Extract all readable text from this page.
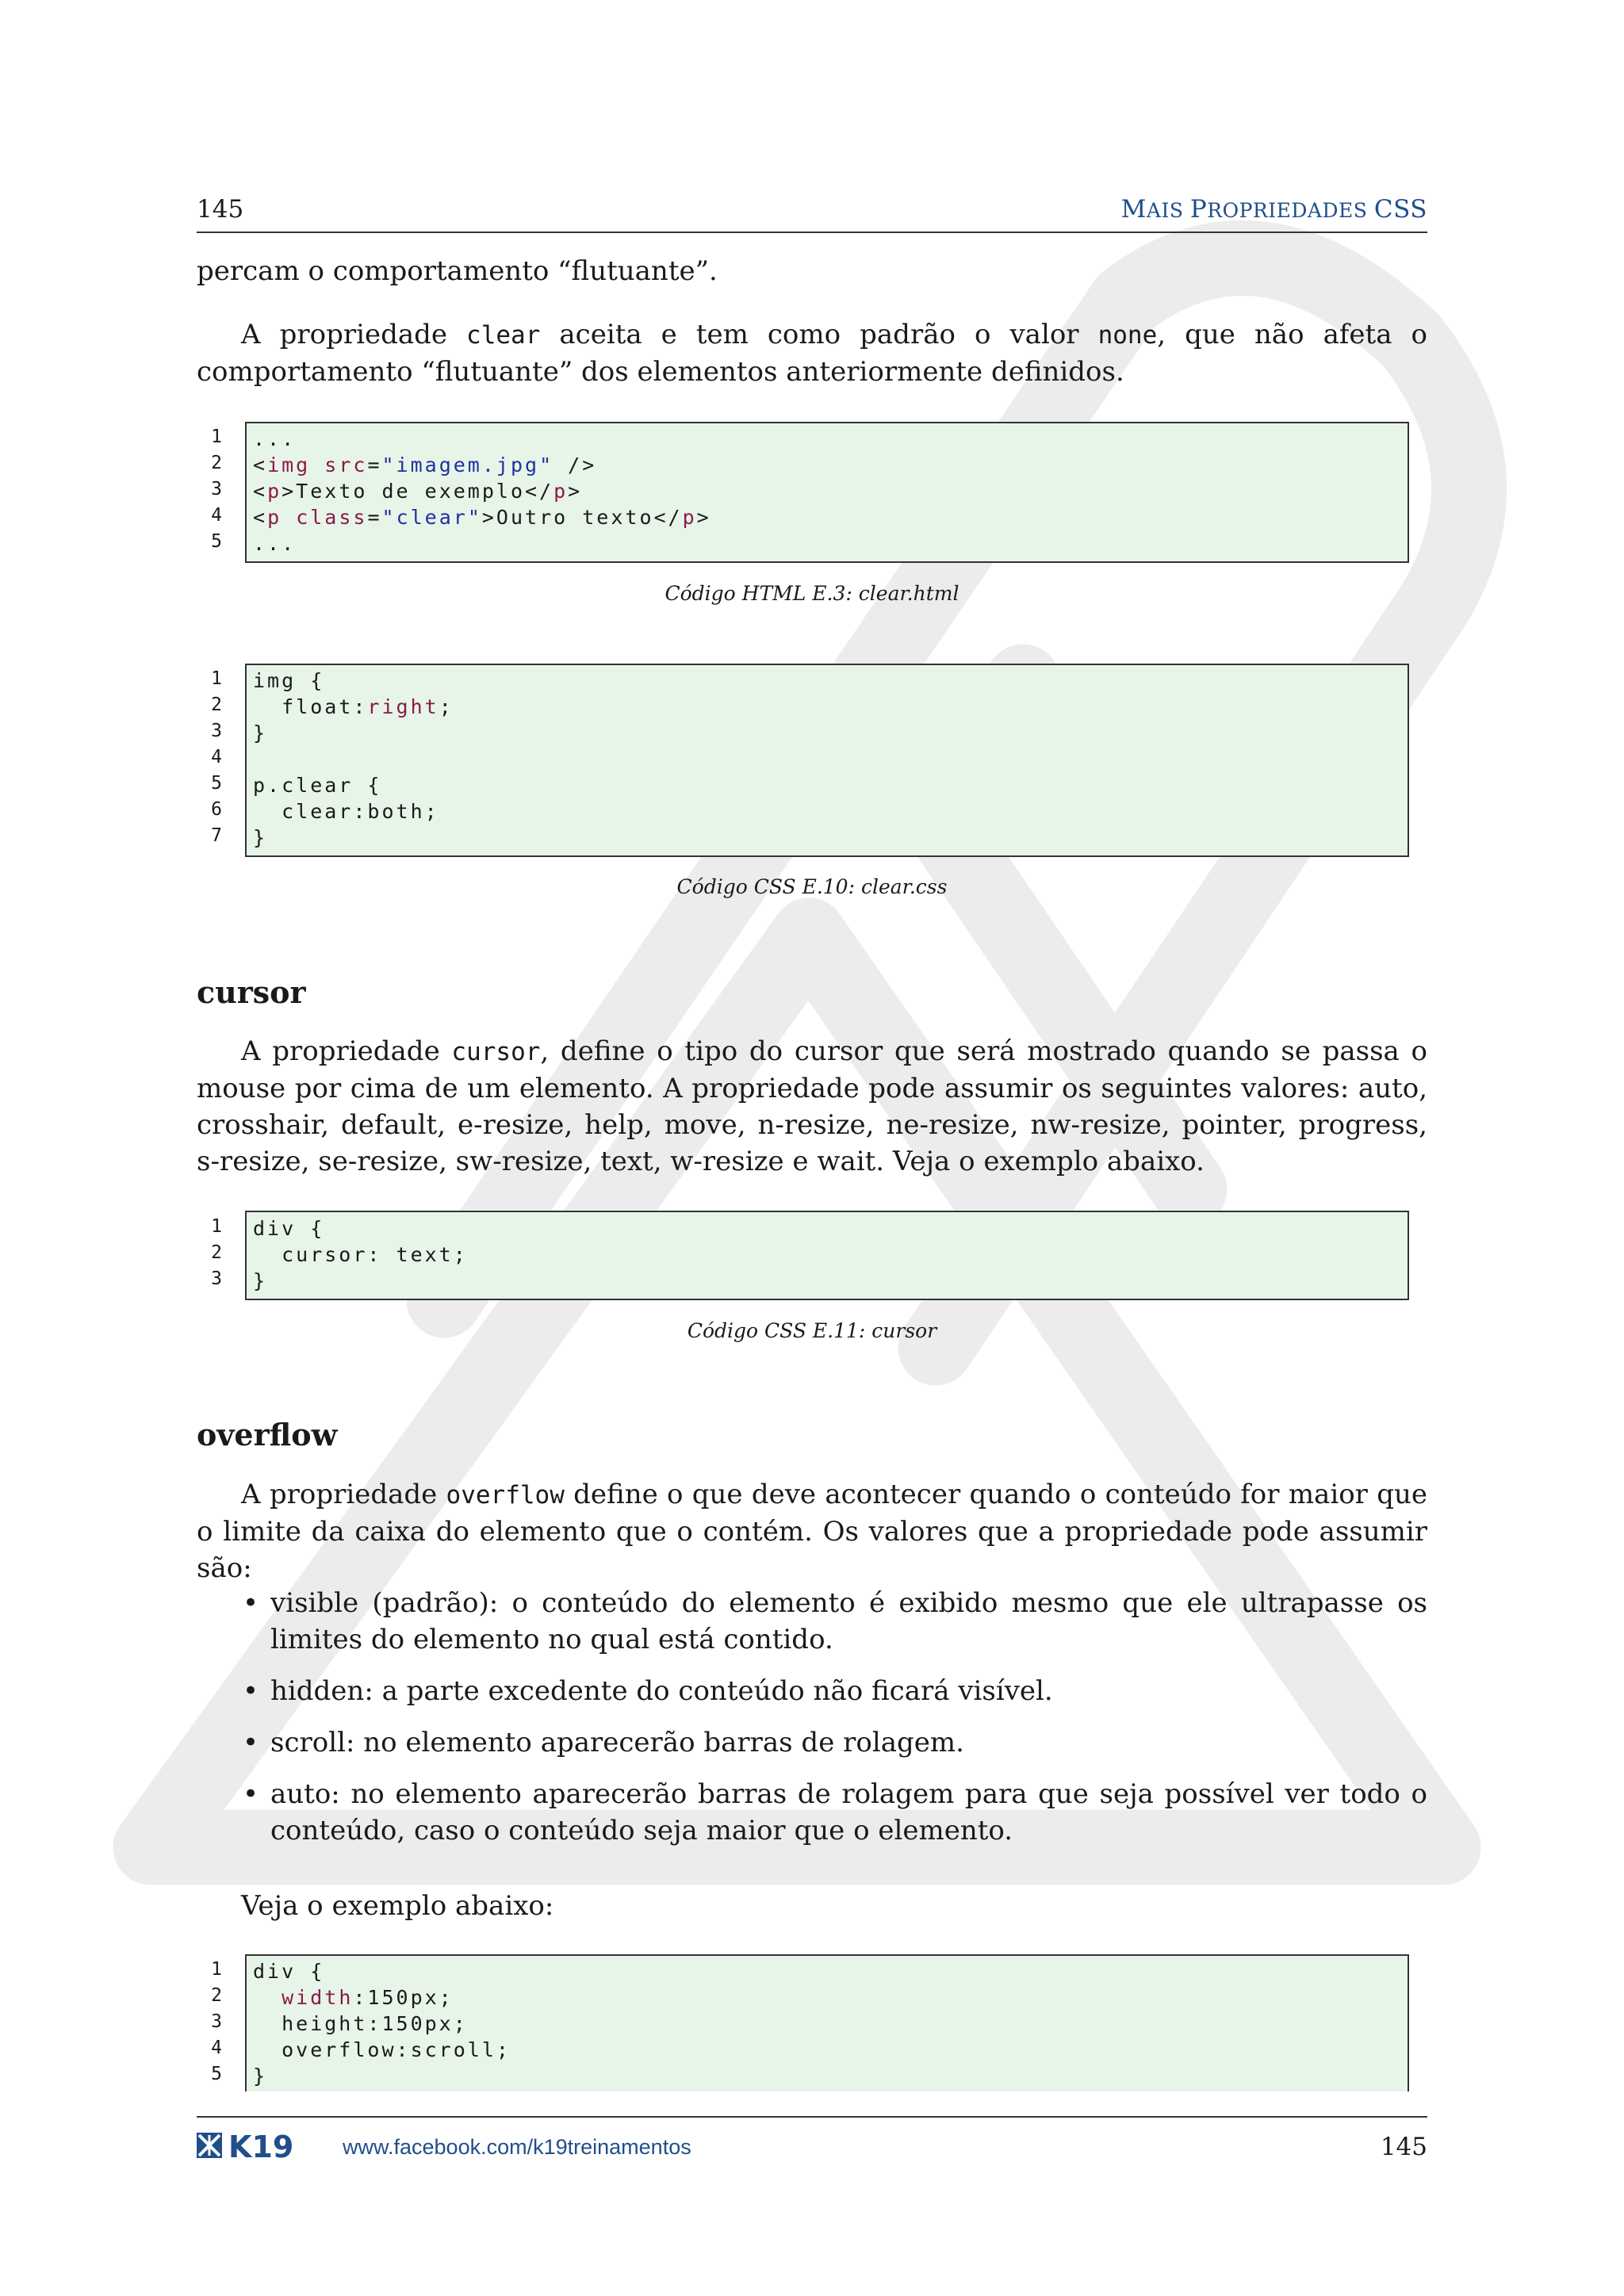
145	MAIS PROPRIEDADES CSS
percam o comportamento “flutuante”.
A propriedade clear aceita e tem como padrão o valor none, que não afeta o comportamento “flutuante” dos elementos anteriormente definidos.
1
2
3
4
5
...
<img src="imagem.jpg" />
<p>Texto de exemplo</p>
<p class="clear">Outro texto</p>
...
Código HTML E.3: clear.html
1
2
3
4
5
6
7
img {
float:right;
}

p.clear {
clear:both;
}
Código CSS E.10: clear.css
cursor
A propriedade cursor, define o tipo do cursor que será mostrado quando se passa o mouse por cima de um elemento. A propriedade pode assumir os seguintes valores: auto, crosshair, default, e-resize, help, move, n-resize, ne-resize, nw-resize, pointer, progress, s-resize, se-resize, sw-resize, text, w-resize e wait. Veja o exemplo abaixo.
1
2
3
div {
cursor: text;
}
Código CSS E.11: cursor
overflow
A propriedade overflow define o que deve acontecer quando o conteúdo for maior que o limite da caixa do elemento que o contém. Os valores que a propriedade pode assumir são:
• visible (padrão): o conteúdo do elemento é exibido mesmo que ele ultrapasse os limites do elemento no qual está contido.
• hidden: a parte excedente do conteúdo não ficará visível.
• scroll: no elemento aparecerão barras de rolagem.
• auto: no elemento aparecerão barras de rolagem para que seja possível ver todo o conteúdo, caso o conteúdo seja maior que o elemento.
Veja o exemplo abaixo:
1
2
3
4
5
div {
width:150px;
height:150px;
overflow:scroll;
}
K19 www.facebook.com/k19treinamentos	145
